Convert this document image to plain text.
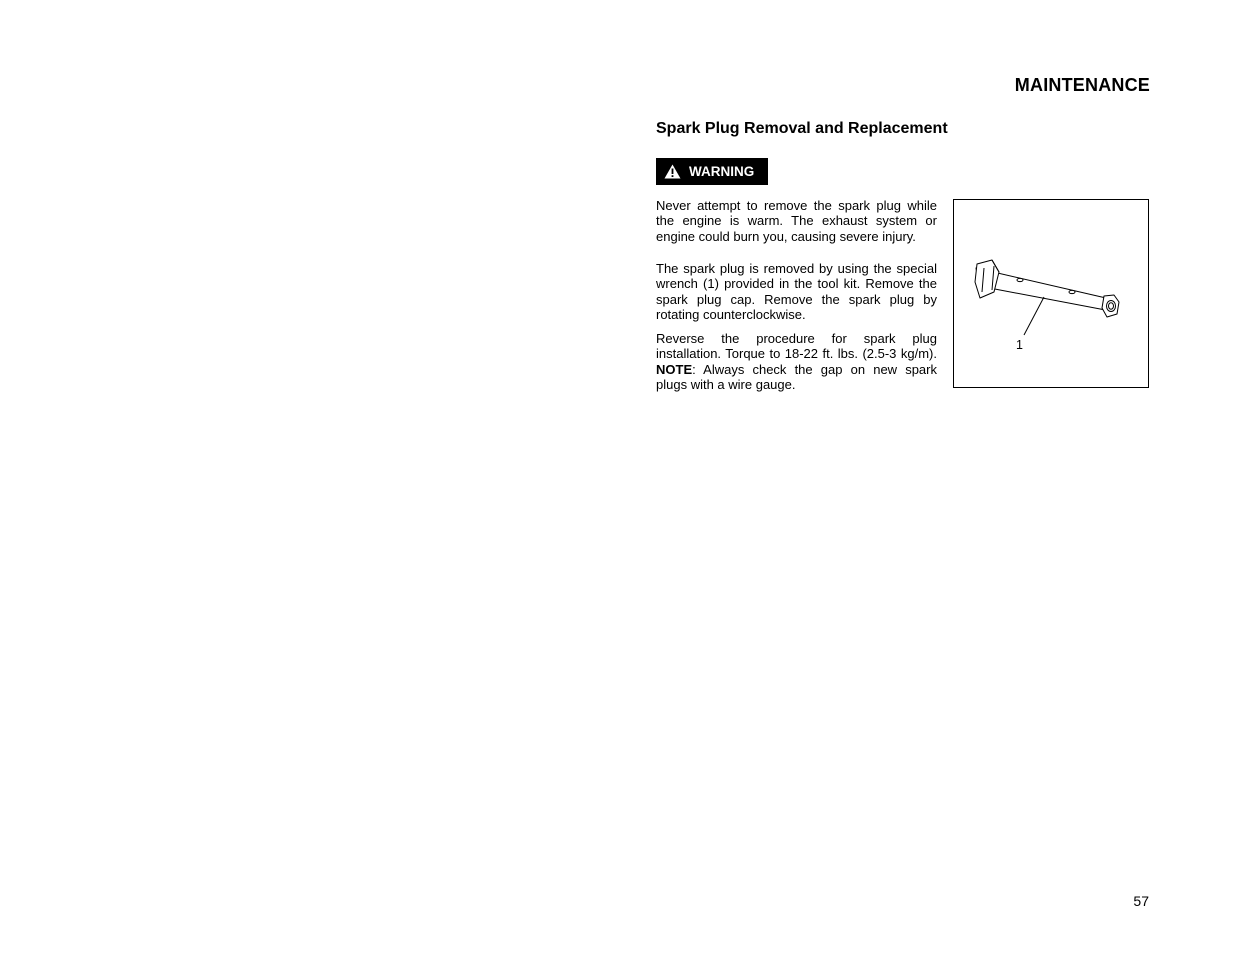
MAINTENANCE
Spark Plug Removal and Replacement
WARNING
Never attempt to remove the spark plug while the engine is warm. The exhaust system or engine could burn you, causing severe injury.
The spark plug is removed by using the special wrench (1) provided in the tool kit. Remove the spark plug cap. Remove the spark plug by rotating counterclockwise.
Reverse the procedure for spark plug installation. Torque to 18-22 ft. lbs. (2.5-3 kg/m). NOTE: Always check the gap on new spark plugs with a wire gauge.
1
57
